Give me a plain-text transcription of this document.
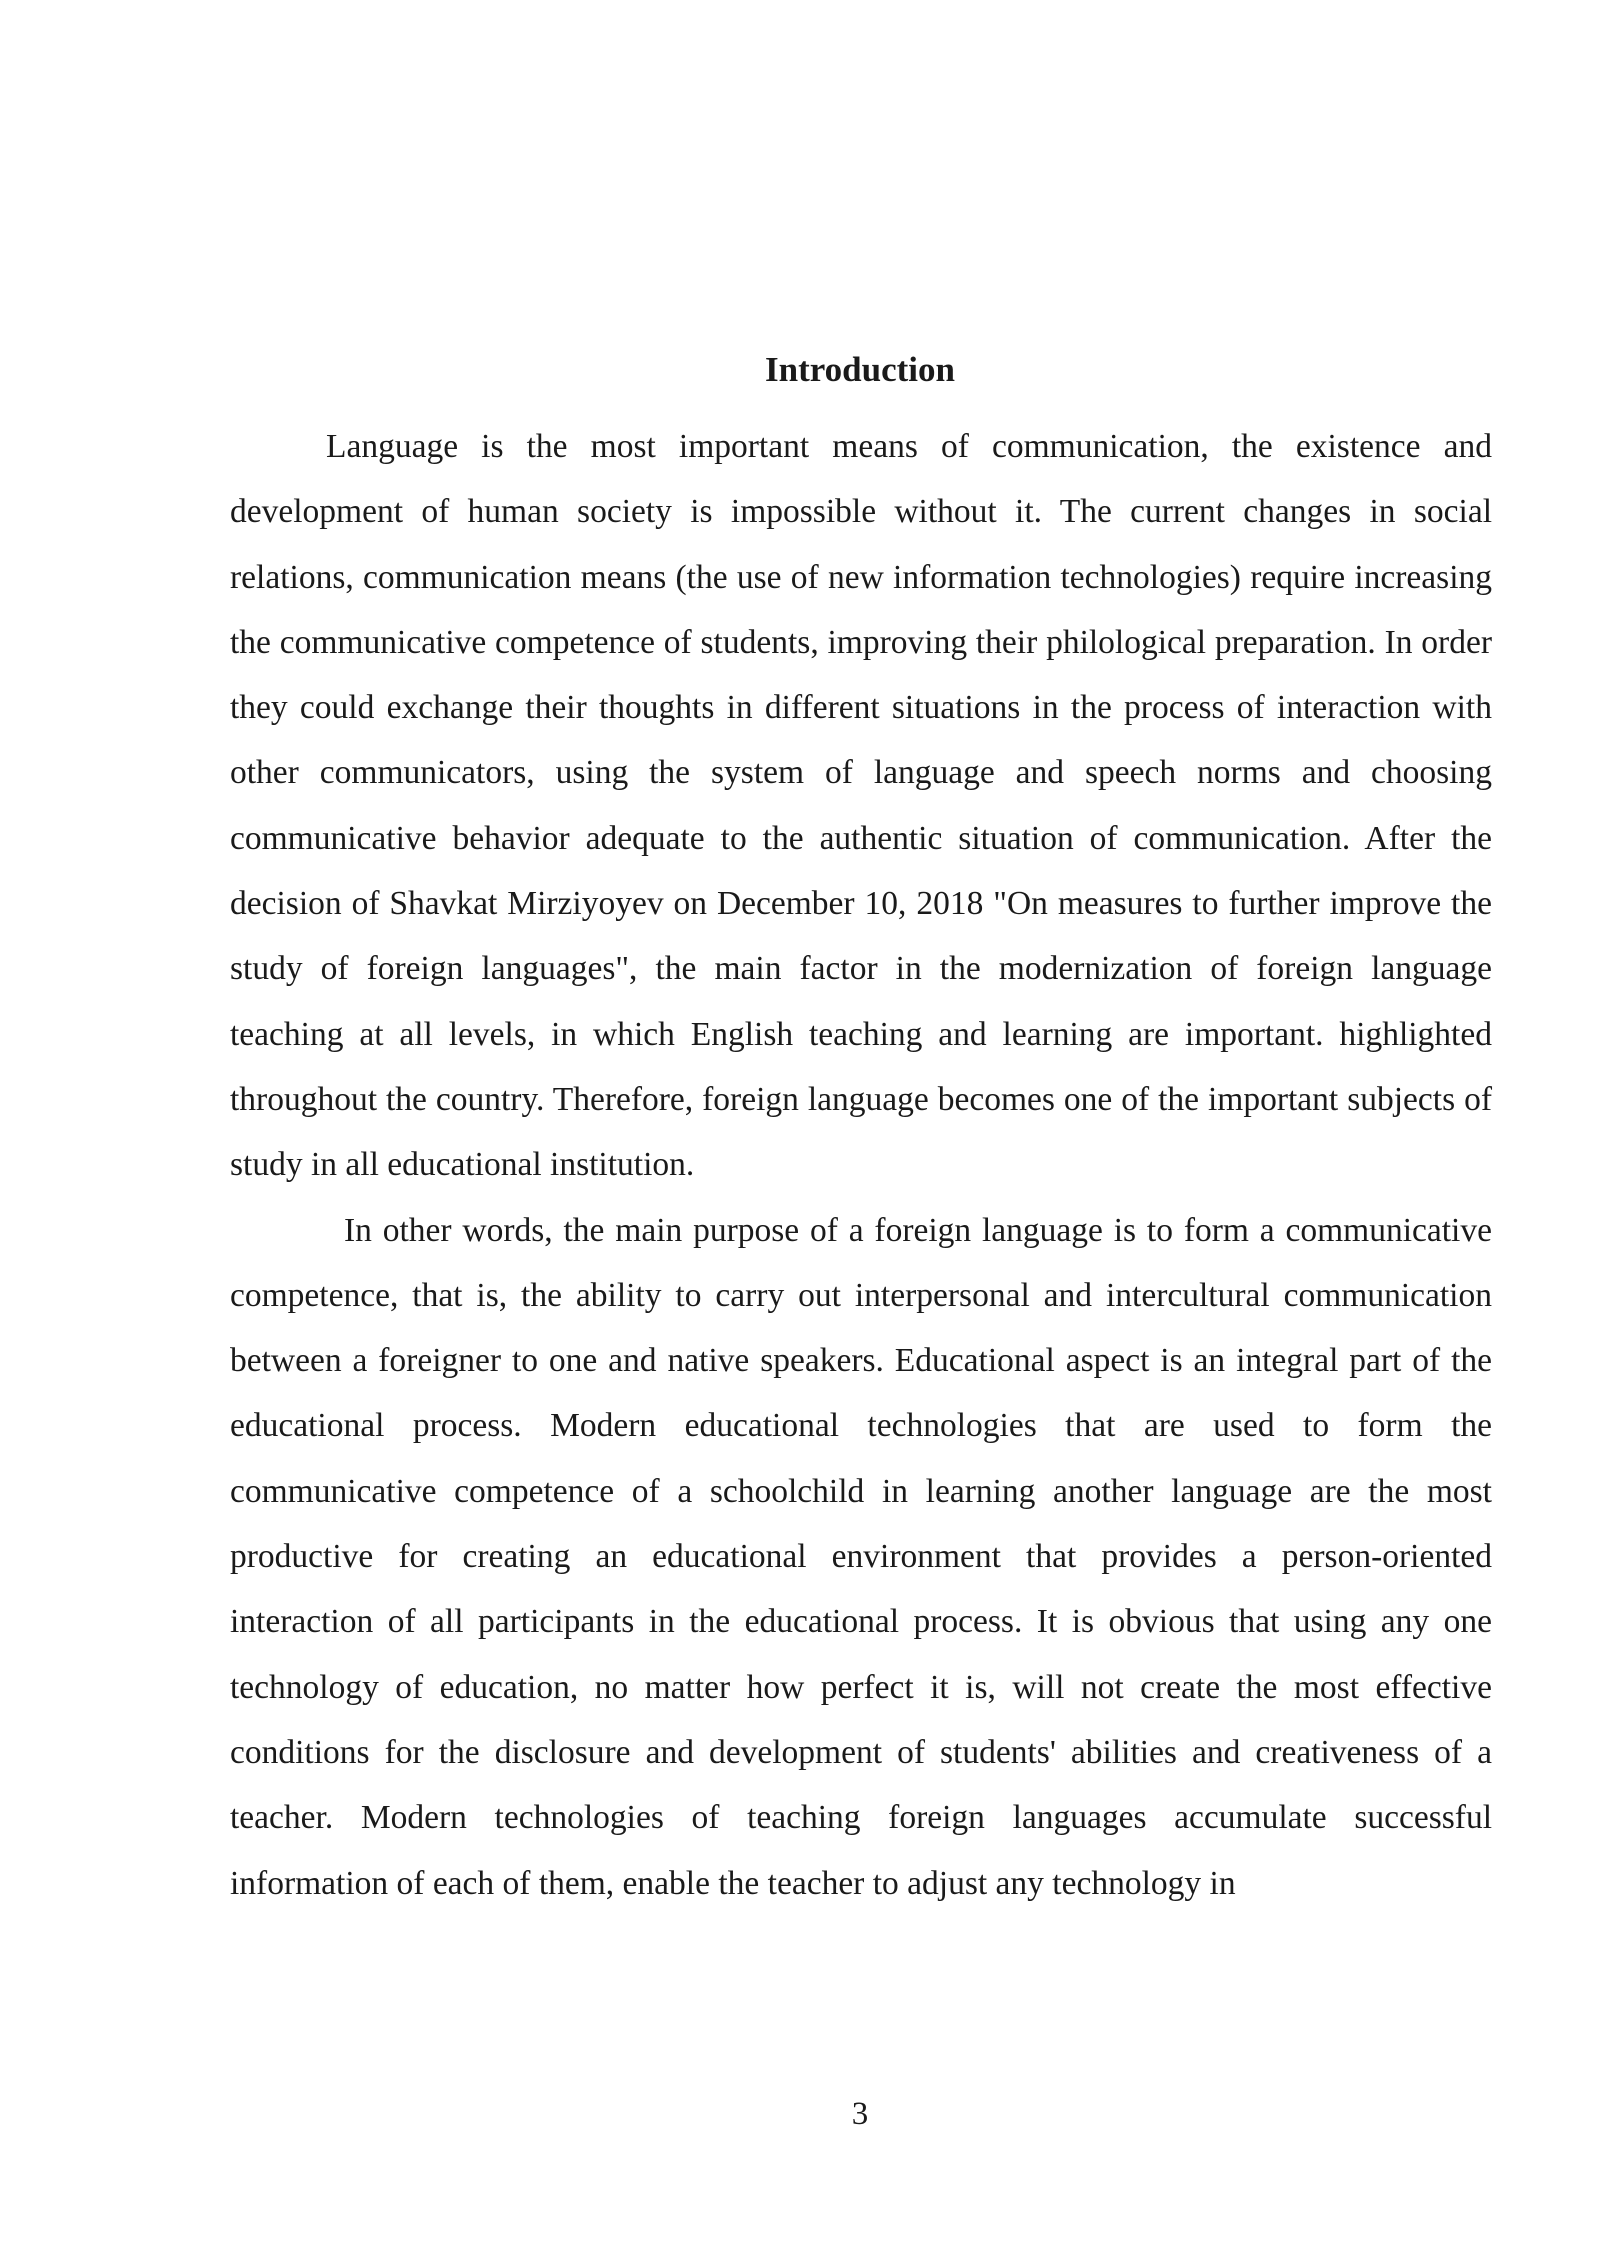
Introduction

Language is the most important means of communication, the existence and development of human society is impossible without it. The current changes in social relations, communication means (the use of new information technologies) require increasing the communicative competence of students, improving their philological preparation. In order they could exchange their thoughts in different situations in the process of interaction with other communicators, using the system of language and speech norms and choosing communicative behavior adequate to the authentic situation of communication. After the decision of Shavkat Mirziyoyev on December 10, 2018 "On measures to further improve the study of foreign languages", the main factor in the modernization of foreign language teaching at all levels, in which English teaching and learning are important. highlighted throughout the country. Therefore, foreign language becomes one of the important subjects of study in all educational institution.

In other words, the main purpose of a foreign language is to form a communicative competence, that is, the ability to carry out interpersonal and intercultural communication between a foreigner to one and native speakers. Educational aspect is an integral part of the educational process. Modern educational technologies that are used to form the communicative competence of a schoolchild in learning another language are the most productive for creating an educational environment that provides a person-oriented interaction of all participants in the educational process. It is obvious that using any one technology of education, no matter how perfect it is, will not create the most effective conditions for the disclosure and development of students' abilities and creativeness of a teacher. Modern technologies of teaching foreign languages accumulate successful information of each of them, enable the teacher to adjust any technology in

3
